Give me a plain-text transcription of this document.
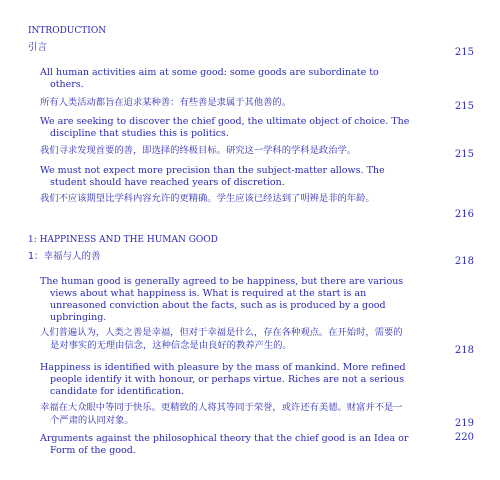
INTRODUCTION
引言	215
All human activities aim at some good: some goods are subordinate to others.
所有人类活动都旨在追求某种善：有些善是隶属于其他善的。	215
We are seeking to discover the chief good, the ultimate object of choice. The discipline that studies this is politics.
我们寻求发现首要的善，即选择的终极目标。研究这一学科的学科是政治学。	215
We must not expect more precision than the subject-matter allows. The student should have reached years of discretion.
我们不应该期望比学科内容允许的更精确。学生应该已经达到了明辨是非的年龄。
216
1: HAPPINESS AND THE HUMAN GOOD
1：幸福与人的善	218
The human good is generally agreed to be happiness, but there are various views about what happiness is. What is required at the start is an unreasoned conviction about the facts, such as is produced by a good upbringing.
人们普遍认为，人类之善是幸福，但对于幸福是什么，存在各种观点。在开始时，需要的是对事实的无理由信念，这种信念是由良好的教养产生的。	218
Happiness is identified with pleasure by the mass of mankind. More refined people identify it with honour, or perhaps virtue. Riches are not a serious candidate for identification.
幸福在大众眼中等同于快乐。更精致的人将其等同于荣誉，或许还有美德。财富并不是一个严肃的认同对象。	219
Arguments against the philosophical theory that the chief good is an Idea or Form of the good.
220
